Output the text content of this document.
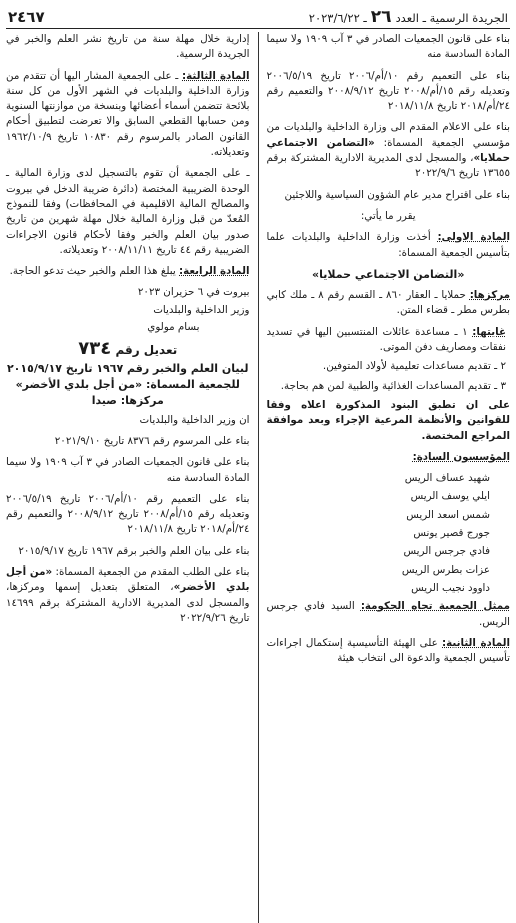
الجريدة الرسمية ـ العدد
٢٦
ـ ٢٠٢٣/٦/٢٢
٢٤٦٧

بناء على قانون الجمعيات الصادر في ٣ آب ١٩٠٩ ولا سيما المادة السادسة منه

بناء على التعميم رقم ١٠/أم/٢٠٠٦ تاريخ ٢٠٠٦/٥/١٩ وتعديله رقم ١٥/أم/٢٠٠٨ تاريخ ٢٠٠٨/٩/١٢ والتعميم رقم ٢٤/أم/٢٠١٨ تاريخ ٢٠١٨/١١/٨

بناء على الاعلام المقدم الى وزارة الداخلية والبلديات من مؤسسي الجمعية المسماة: «التضامن الاجتماعي حملايا»، والمسجل لدى المديرية الادارية المشتركة برقم ١٣٦٥٥ تاريخ ٢٠٢٢/٩/٦

بناء على اقتراح مدير عام الشؤون السياسية واللاجئين

يقرر ما يأتي:

المادة الاولى: أخذت وزارة الداخلية والبلديات علما بتأسيس الجمعية المسماة:

«التضامن الاجتماعي حملايا»

مركزها: حملايا ـ العقار ٨٦٠ ـ القسم رقم ٨ ـ ملك كابي بطرس مطر ـ قضاء المتن.

غايتها: ١ ـ مساعدة عائلات المنتسبين اليها في تسديد نفقات ومصاريف دفن الموتى.

٢ ـ تقديم مساعدات تعليمية لأولاد المتوفين.

٣ ـ تقديم المساعدات الغذائية والطبية لمن هم بحاجة.

على ان تطبق البنود المذكورة اعلاه وفقا للقوانين والأنظمة المرعية الإجراء وبعد موافقة المراجع المختصة.

المؤسسون السادة:

شهيد عساف الريس

ايلي يوسف الريس

شمس اسعد الريس

جورج قصير يونس

فادي جرجس الريس

عزات بطرس الريس

داوود نجيب الريس

ممثل الجمعية تجاه الحكومة: السيد فادي جرجس الريس.

المادة الثانية: على الهيئة التأسيسية إستكمال اجراءات تأسيس الجمعية والدعوة الى انتخاب هيئة

إدارية خلال مهلة سنة من تاريخ نشر العلم والخبر في الجريدة الرسمية.

المادة الثالثة: ـ على الجمعية المشار اليها أن تتقدم من وزارة الداخلية والبلديات في الشهر الأول من كل سنة بلائحة تتضمن أسماء أعضائها وبنسخة من موازنتها السنوية ومن حسابها القطعي السابق والا تعرضت لتطبيق أحكام القانون الصادر بالمرسوم رقم ١٠٨٣٠ تاريخ ١٩٦٢/١٠/٩ وتعديلاته.

ـ على الجمعية أن تقوم بالتسجيل لدى وزارة المالية ـ الوحدة الضريبية المختصة (دائرة ضريبة الدخل في بيروت والمصالح المالية الاقليمية في المحافظات) وفقا للنموذج المُعدّ من قبل وزارة المالية خلال مهلة شهرين من تاريخ صدور بيان العلم والخبر وفقا لأحكام قانون الاجراءات الضريبية رقم ٤٤ تاريخ ٢٠٠٨/١١/١١ وتعديلاته.

المادة الرابعة: يبلغ هذا العلم والخبر حيث تدعو الحاجة.

بيروت في ٦ حزيران ٢٠٢٣

وزير الداخلية والبلديات

بسام مولوي

تعديل رقم ٧٣٤
لبيان العلم والخبر رقم ١٩٦٧ تاريخ ٢٠١٥/٩/١٧
للجمعية المسماة: «من أجل بلدي الأخضر»
مركزها: صيدا

ان وزير الداخلية والبلديات

بناء على المرسوم رقم ٨٣٧٦ تاريخ ٢٠٢١/٩/١٠

بناء على قانون الجمعيات الصادر في ٣ آب ١٩٠٩ ولا سيما المادة السادسة منه

بناء على التعميم رقم ١٠/أم/٢٠٠٦ تاريخ ٢٠٠٦/٥/١٩ وتعديله رقم ١٥/أم/٢٠٠٨ تاريخ ٢٠٠٨/٩/١٢ والتعميم رقم ٢٤/أم/٢٠١٨ تاريخ ٢٠١٨/١١/٨

بناء على بيان العلم والخبر برقم ١٩٦٧ تاريخ ٢٠١٥/٩/١٧

بناء على الطلب المقدم من الجمعية المسماة: «من أجل بلدي الأخضر»، المتعلق بتعديل إسمها ومركزها، والمسجل لدى المديرية الادارية المشتركة برقم ١٤٦٩٩ تاريخ ٢٠٢٢/٩/٢٦
